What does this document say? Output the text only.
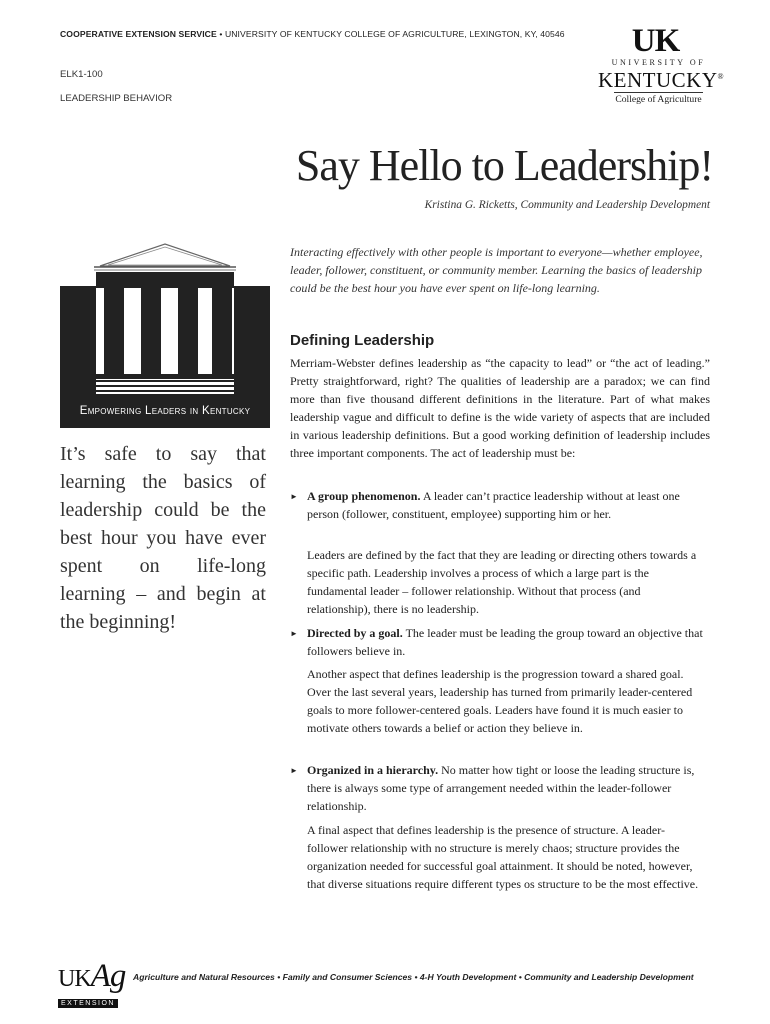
COOPERATIVE EXTENSION SERVICE • UNIVERSITY OF KENTUCKY COLLEGE OF AGRICULTURE, LEXINGTON, KY, 40546
ELK1-100
LEADERSHIP BEHAVIOR
UK
UNIVERSITY OF
KENTUCKY®
College of Agriculture
Say Hello to Leadership!
Kristina G. Ricketts, Community and Leadership Development
Empowering Leaders in Kentucky
It’s safe to say that learning the basics of leadership could be the best hour you have ever spent on life-long learning – and begin at the beginning!
Interacting effectively with other people is important to everyone—whether employee, leader, follower, constituent, or community member. Learning the basics of leadership could be the best hour you have ever spent on life-long learning.
Defining Leadership
Merriam-Webster defines leadership as “the capacity to lead” or “the act of leading.” Pretty straightforward, right? The qualities of leadership are a paradox; we can find more than five thousand different definitions in the literature. Part of what makes leadership vague and difficult to define is the wide variety of aspects that are included in various leadership definitions. But a good working definition of leadership includes three important components. The act of leadership must be:
► A group phenomenon. A leader can’t practice leadership without at least one person (follower, constituent, employee) supporting him or her.
Leaders are defined by the fact that they are leading or directing others towards a specific path. Leadership involves a process of which a large part is the fundamental leader – follower relationship. Without that process (and relationship), there is no leadership.
► Directed by a goal. The leader must be leading the group toward an objective that followers believe in.
Another aspect that defines leadership is the progression toward a shared goal. Over the last several years, leadership has turned from primarily leader-centered goals to more follower-centered goals. Leaders have found it is much easier to motivate others towards a belief or action they believe in.
► Organized in a hierarchy. No matter how tight or loose the leading structure is, there is always some type of arrangement needed within the leader-follower relationship.
A final aspect that defines leadership is the presence of structure. A leader-follower relationship with no structure is merely chaos; structure provides the organization needed for successful goal attainment. It should be noted, however, that diverse situations require different types os structure to be the most effective.
UKAg
EXTENSION
Agriculture and Natural Resources • Family and Consumer Sciences • 4-H Youth Development • Community and Leadership Development
